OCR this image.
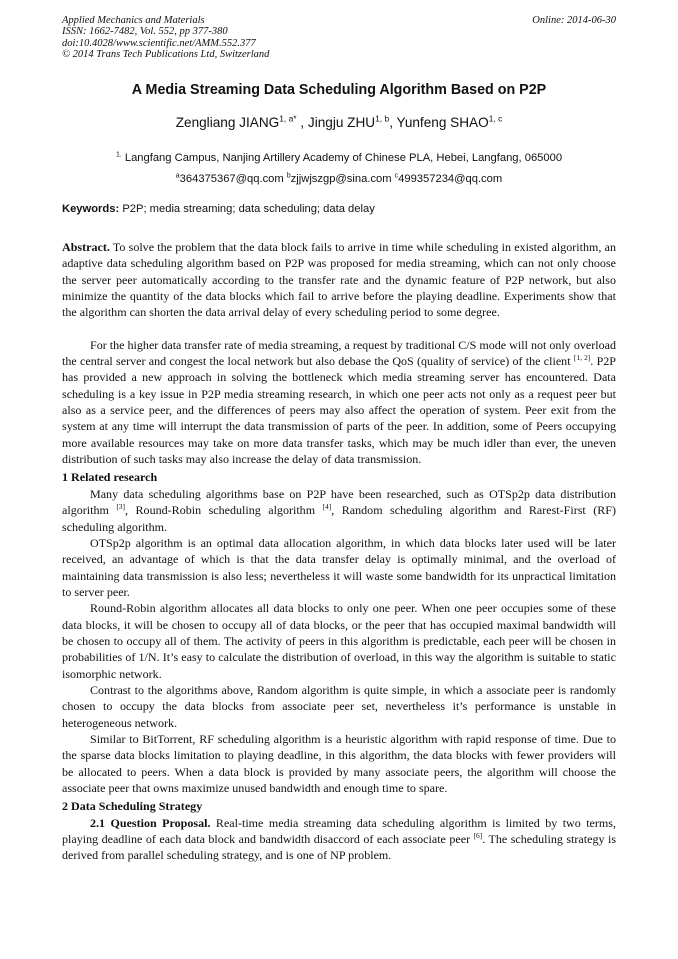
Applied Mechanics and Materials
ISSN: 1662-7482, Vol. 552, pp 377-380
doi:10.4028/www.scientific.net/AMM.552.377
© 2014 Trans Tech Publications Ltd, Switzerland
Online: 2014-06-30
A Media Streaming Data Scheduling Algorithm Based on P2P
Zengliang $JIANG^{1, a*}$ , Jingju ZHU$^{1, b}$, Yunfeng SHAO$^{1, c}$
$^{1.}$ Langfang Campus, Nanjing Artillery Academy of Chinese PLA, Hebei, Langfang, 065000
$^a$364375367@qq.com $^b$zjjwjszgp@sina.com $^c$499357234@qq.com
Keywords: P2P; media streaming; data scheduling; data delay

Abstract. To solve the problem that the data block fails to arrive in time while scheduling in existed algorithm, an adaptive data scheduling algorithm based on P2P was proposed for media streaming, which can not only choose the server peer automatically according to the transfer rate and the dynamic feature of P2P network, but also minimize the quantity of the data blocks which fail to arrive before the playing deadline. Experiments show that the algorithm can shorten the data arrival delay of every scheduling period to some degree.

For the higher data transfer rate of media streaming, a request by traditional C/S mode will not only overload the central server and congest the local network but also debase the QoS (quality of service) of the client [1, 2]. P2P has provided a new approach in solving the bottleneck which media streaming server has encountered. Data scheduling is a key issue in P2P media streaming research, in which one peer acts not only as a request peer but also as a service peer, and the differences of peers may also affect the operation of system. Peer exit from the system at any time will interrupt the data transmission of parts of the peer. In addition, some of Peers occupying more available resources may take on more data transfer tasks, which may be much idler than ever, the uneven distribution of such tasks may also increase the delay of data transmission.

1 Related research

Many data scheduling algorithms base on P2P have been researched, such as OTSp2p data distribution algorithm [3], Round-Robin scheduling algorithm [4], Random scheduling algorithm and Rarest-First (RF) scheduling algorithm.

OTSp2p algorithm is an optimal data allocation algorithm, in which data blocks later used will be later received, an advantage of which is that the data transfer delay is optimally minimal, and the overload of maintaining data transmission is also less; nevertheless it will waste some bandwidth for its unpractical limitation to server peer.

Round-Robin algorithm allocates all data blocks to only one peer. When one peer occupies some of these data blocks, it will be chosen to occupy all of data blocks, or the peer that has occupied maximal bandwidth will be chosen to occupy all of them. The activity of peers in this algorithm is predictable, each peer will be chosen in probabilities of 1/N. It’s easy to calculate the distribution of overload, in this way the algorithm is suitable to static isomorphic network.

Contrast to the algorithms above, Random algorithm is quite simple, in which a associate peer is randomly chosen to occupy the data blocks from associate peer set, nevertheless it’s performance is unstable in heterogeneous network.

Similar to BitTorrent, RF scheduling algorithm is a heuristic algorithm with rapid response of time. Due to the sparse data blocks limitation to playing deadline, in this algorithm, the data blocks with fewer providers will be allocated to peers. When a data block is provided by many associate peers, the algorithm will choose the associate peer that owns maximize unused bandwidth and enough time to spare.

2 Data Scheduling Strategy

2.1 Question Proposal. Real-time media streaming data scheduling algorithm is limited by two terms, playing deadline of each data block and bandwidth disaccord of each associate peer [6]. The scheduling strategy is derived from parallel scheduling strategy, and is one of NP problem.
